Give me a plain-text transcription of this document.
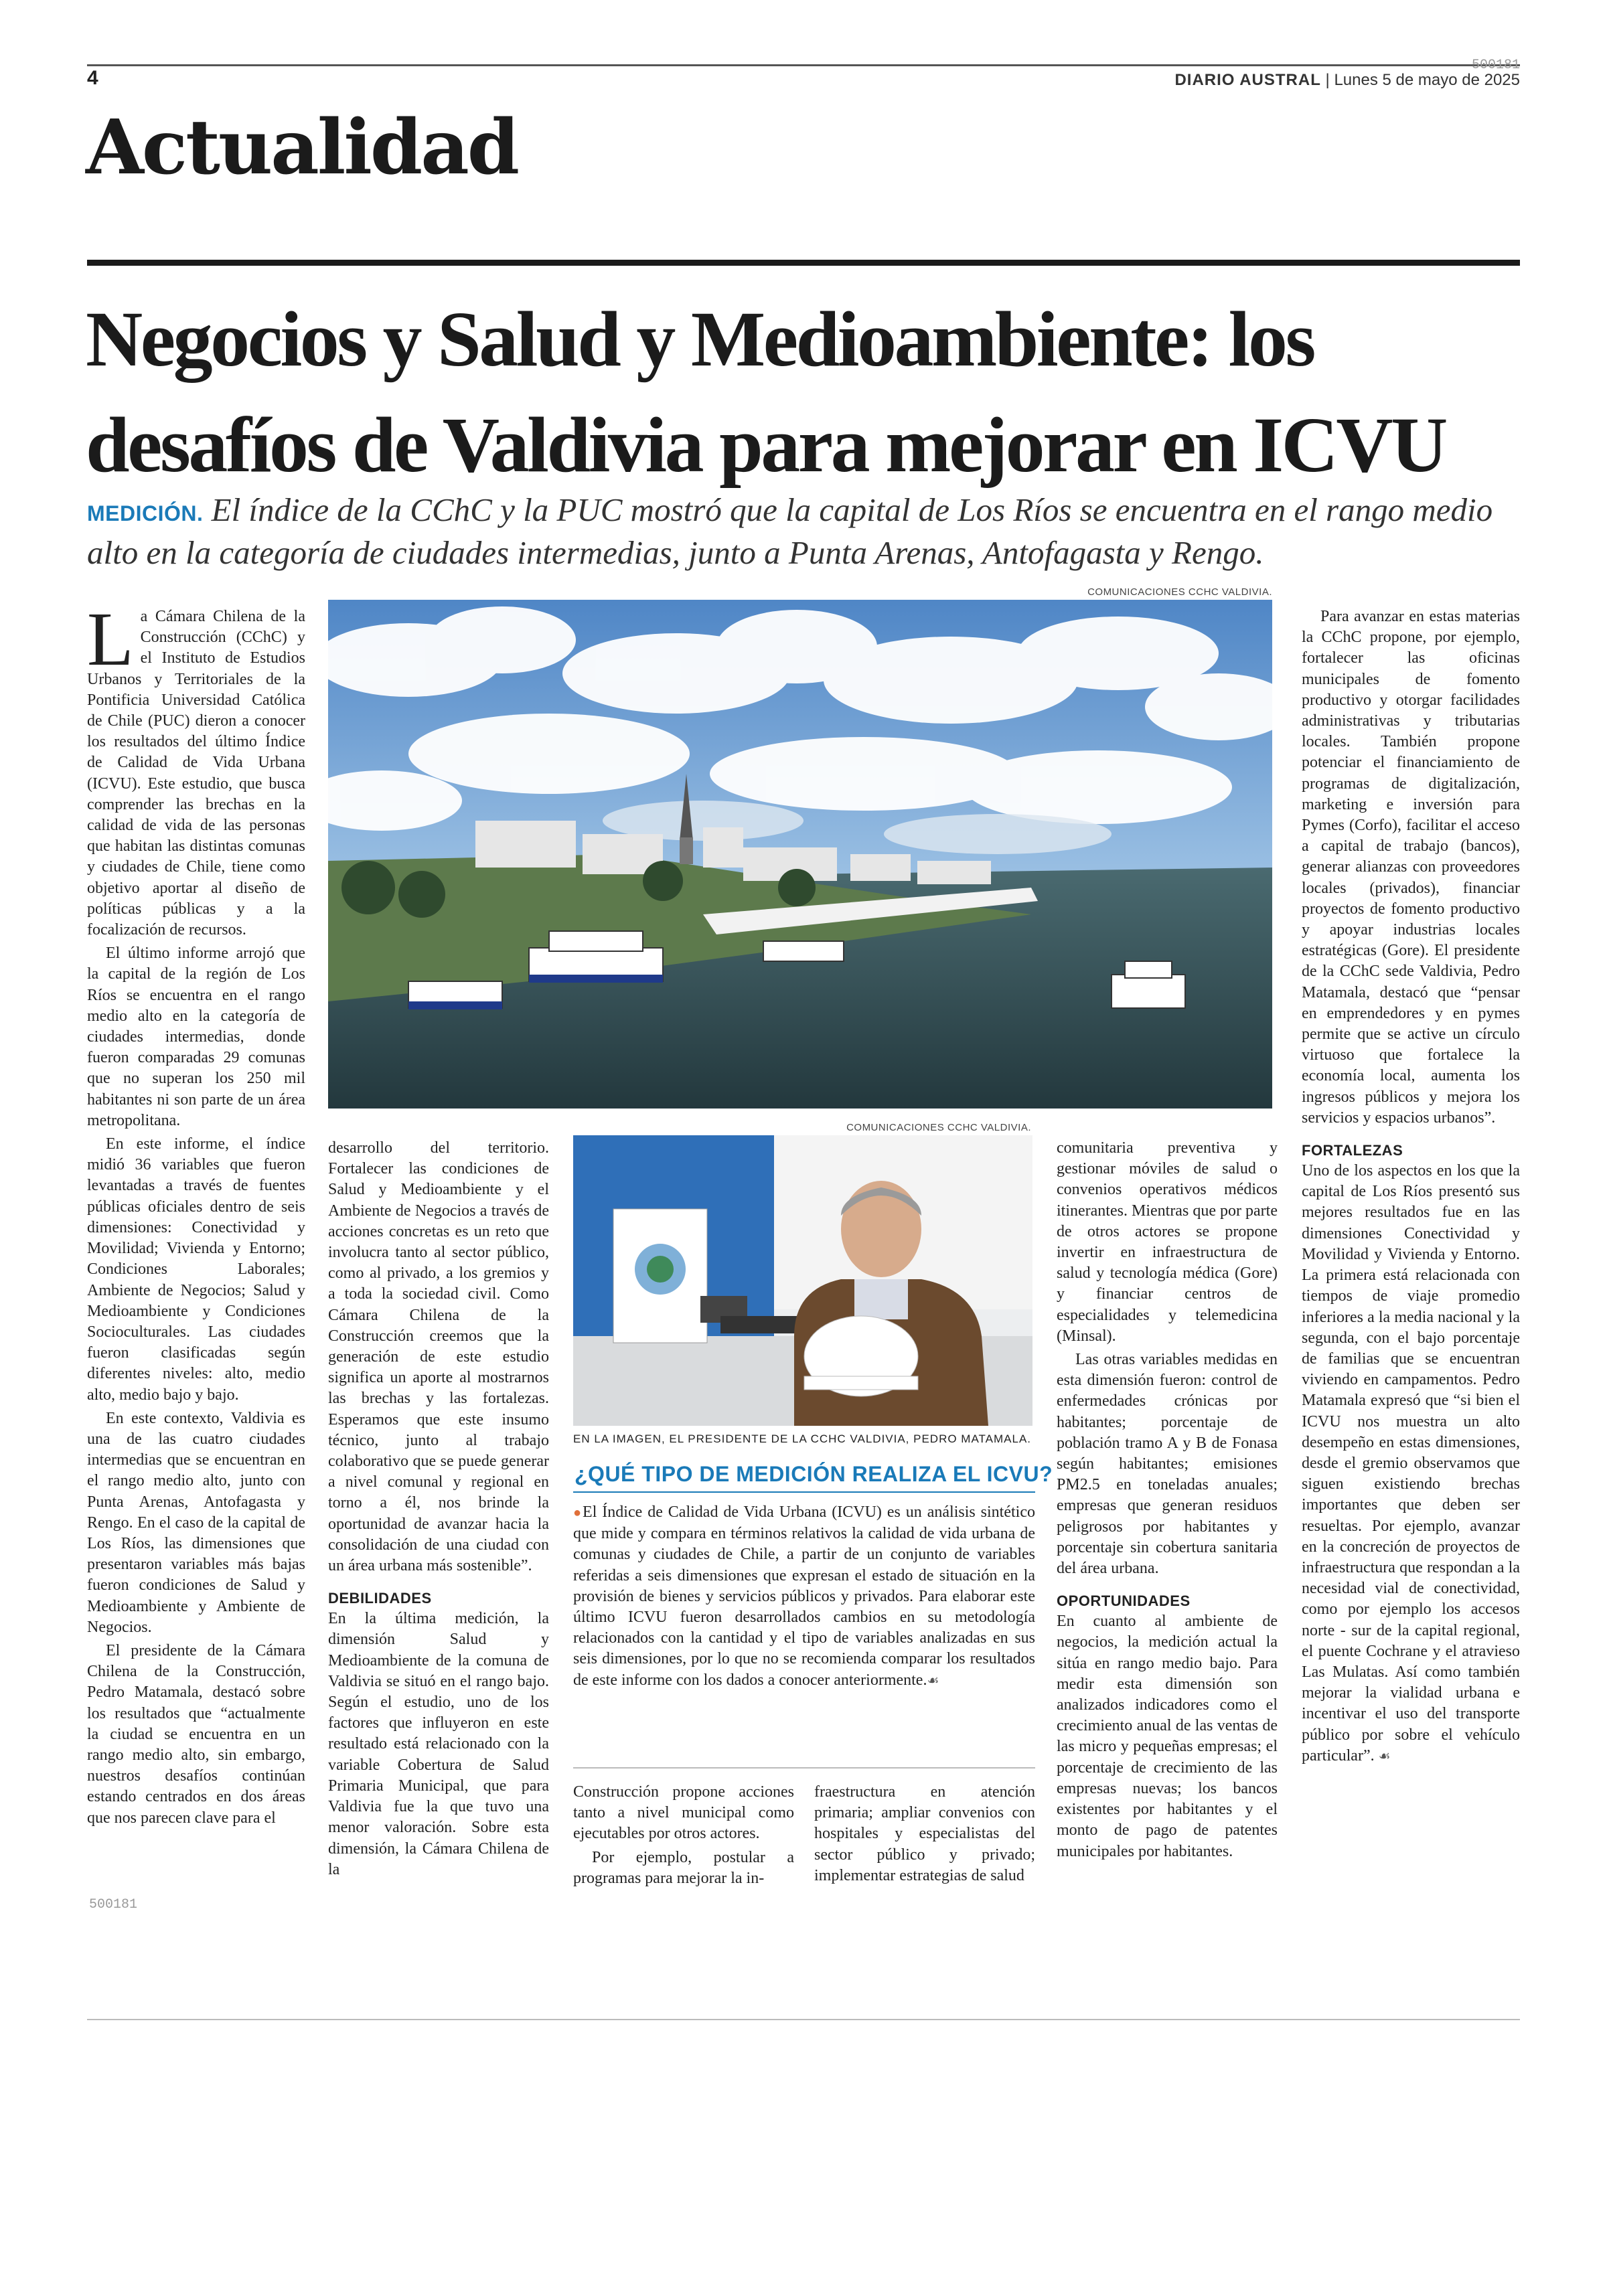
4
500181
DIARIO AUSTRAL | Lunes 5 de mayo de 2025
Actualidad
Negocios y Salud y Medioambiente: los desafíos de Valdivia para mejorar en ICVU
MEDICIÓN. El índice de la CChC y la PUC mostró que la capital de Los Ríos se encuentra en el rango medio alto en la categoría de ciudades intermedias, junto a Punta Arenas, Antofagasta y Rengo.
COMUNICACIONES CCHC VALDIVIA.

La Cámara Chilena de la Construcción (CChC) y el Instituto de Estudios Urbanos y Territoriales de la Pontificia Universidad Católica de Chile (PUC) dieron a conocer los resultados del último Índice de Calidad de Vida Urbana (ICVU). Este estudio, que busca comprender las brechas en la calidad de vida de las personas que habitan las distintas comunas y ciudades de Chile, tiene como objetivo aportar al diseño de políticas públicas y a la focalización de recursos.

El último informe arrojó que la capital de la región de Los Ríos se encuentra en el rango medio alto en la categoría de ciudades intermedias, donde fueron comparadas 29 comunas que no superan los 250 mil habitantes ni son parte de un área metropolitana.

En este informe, el índice midió 36 variables que fueron levantadas a través de fuentes públicas oficiales dentro de seis dimensiones: Conectividad y Movilidad; Vivienda y Entorno; Condiciones Laborales; Ambiente de Negocios; Salud y Medioambiente y Condiciones Socioculturales. Las ciudades fueron clasificadas según diferentes niveles: alto, medio alto, medio bajo y bajo.

En este contexto, Valdivia es una de las cuatro ciudades intermedias que se encuentran en el rango medio alto, junto con Punta Arenas, Antofagasta y Rengo. En el caso de la capital de Los Ríos, las dimensiones que presentaron variables más bajas fueron condiciones de Salud y Medioambiente y Ambiente de Negocios.

El presidente de la Cámara Chilena de la Construcción, Pedro Matamala, destacó sobre los resultados que “actualmente la ciudad se encuentra en un rango medio alto, sin embargo, nuestros desafíos continúan estando centrados en dos áreas que nos parecen clave para el

500181

desarrollo del territorio. Fortalecer las condiciones de Salud y Medioambiente y el Ambiente de Negocios a través de acciones concretas es un reto que involucra tanto al sector público, como al privado, a los gremios y a toda la sociedad civil. Como Cámara Chilena de la Construcción creemos que la generación de este estudio significa un aporte al mostrarnos las brechas y las fortalezas. Esperamos que este insumo técnico, junto al trabajo colaborativo que se puede generar a nivel comunal y regional en torno a él, nos brinde la oportunidad de avanzar hacia la consolidación de una ciudad con un área urbana más sostenible”.

DEBILIDADES

En la última medición, la dimensión Salud y Medioambiente de la comuna de Valdivia se situó en el rango bajo. Según el estudio, uno de los factores que influyeron en este resultado está relacionado con la variable Cobertura de Salud Primaria Municipal, que para Valdivia fue la que tuvo una menor valoración. Sobre esta dimensión, la Cámara Chilena de la

COMUNICACIONES CCHC VALDIVIA.
EN LA IMAGEN, EL PRESIDENTE DE LA CCHC VALDIVIA, PEDRO MATAMALA.
¿QUÉ TIPO DE MEDICIÓN REALIZA EL ICVU?
●El Índice de Calidad de Vida Urbana (ICVU) es un análisis sintético que mide y compara en términos relativos la calidad de vida urbana de comunas y ciudades de Chile, a partir de un conjunto de variables referidas a seis dimensiones que expresan el estado de situación en la provisión de bienes y servicios públicos y privados. Para elaborar este último ICVU fueron desarrollados cambios en su metodología relacionados con la cantidad y el tipo de variables analizadas en sus seis dimensiones, por lo que no se recomienda comparar los resultados de este informe con los dados a conocer anteriormente.☙

Construcción propone acciones tanto a nivel municipal como ejecutables por otros actores.

Por ejemplo, postular a programas para mejorar la in-

fraestructura en atención primaria; ampliar convenios con hospitales y especialistas del sector público y privado; implementar estrategias de salud

comunitaria preventiva y gestionar móviles de salud o convenios operativos médicos itinerantes. Mientras que por parte de otros actores se propone invertir en infraestructura de salud y tecnología médica (Gore) y financiar centros de especialidades y telemedicina (Minsal).

Las otras variables medidas en esta dimensión fueron: control de enfermedades crónicas por habitantes; porcentaje de población tramo A y B de Fonasa según habitantes; emisiones PM2.5 en toneladas anuales; empresas que generan residuos peligrosos por habitantes y porcentaje sin cobertura sanitaria del área urbana.

OPORTUNIDADES

En cuanto al ambiente de negocios, la medición actual la sitúa en rango medio bajo. Para medir esta dimensión son analizados indicadores como el crecimiento anual de las ventas de las micro y pequeñas empresas; el porcentaje de crecimiento de las empresas nuevas; los bancos existentes por habitantes y el monto de pago de patentes municipales por habitantes.

Para avanzar en estas materias la CChC propone, por ejemplo, fortalecer las oficinas municipales de fomento productivo y otorgar facilidades administrativas y tributarias locales. También propone potenciar el financiamiento de programas de digitalización, marketing e inversión para Pymes (Corfo), facilitar el acceso a capital de trabajo (bancos), generar alianzas con proveedores locales (privados), financiar proyectos de fomento productivo y apoyar industrias locales estratégicas (Gore). El presidente de la CChC sede Valdivia, Pedro Matamala, destacó que “pensar en emprendedores y en pymes permite que se active un círculo virtuoso que fortalece la economía local, aumenta los ingresos públicos y mejora los servicios y espacios urbanos”.

FORTALEZAS

Uno de los aspectos en los que la capital de Los Ríos presentó sus mejores resultados fue en las dimensiones Conectividad y Movilidad y Vivienda y Entorno. La primera está relacionada con tiempos de viaje promedio inferiores a la media nacional y la segunda, con el bajo porcentaje de familias que se encuentran viviendo en campamentos. Pedro Matamala expresó que “si bien el ICVU nos muestra un alto desempeño en estas dimensiones, desde el gremio observamos que siguen existiendo brechas importantes que deben ser resueltas. Por ejemplo, avanzar en la concreción de proyectos de infraestructura que respondan a la necesidad vial de conectividad, como por ejemplo los accesos norte - sur de la capital regional, el puente Cochrane y el atravieso Las Mulatas. Así como también mejorar la vialidad urbana e incentivar el uso del transporte público por sobre el vehículo particular”. ☙
